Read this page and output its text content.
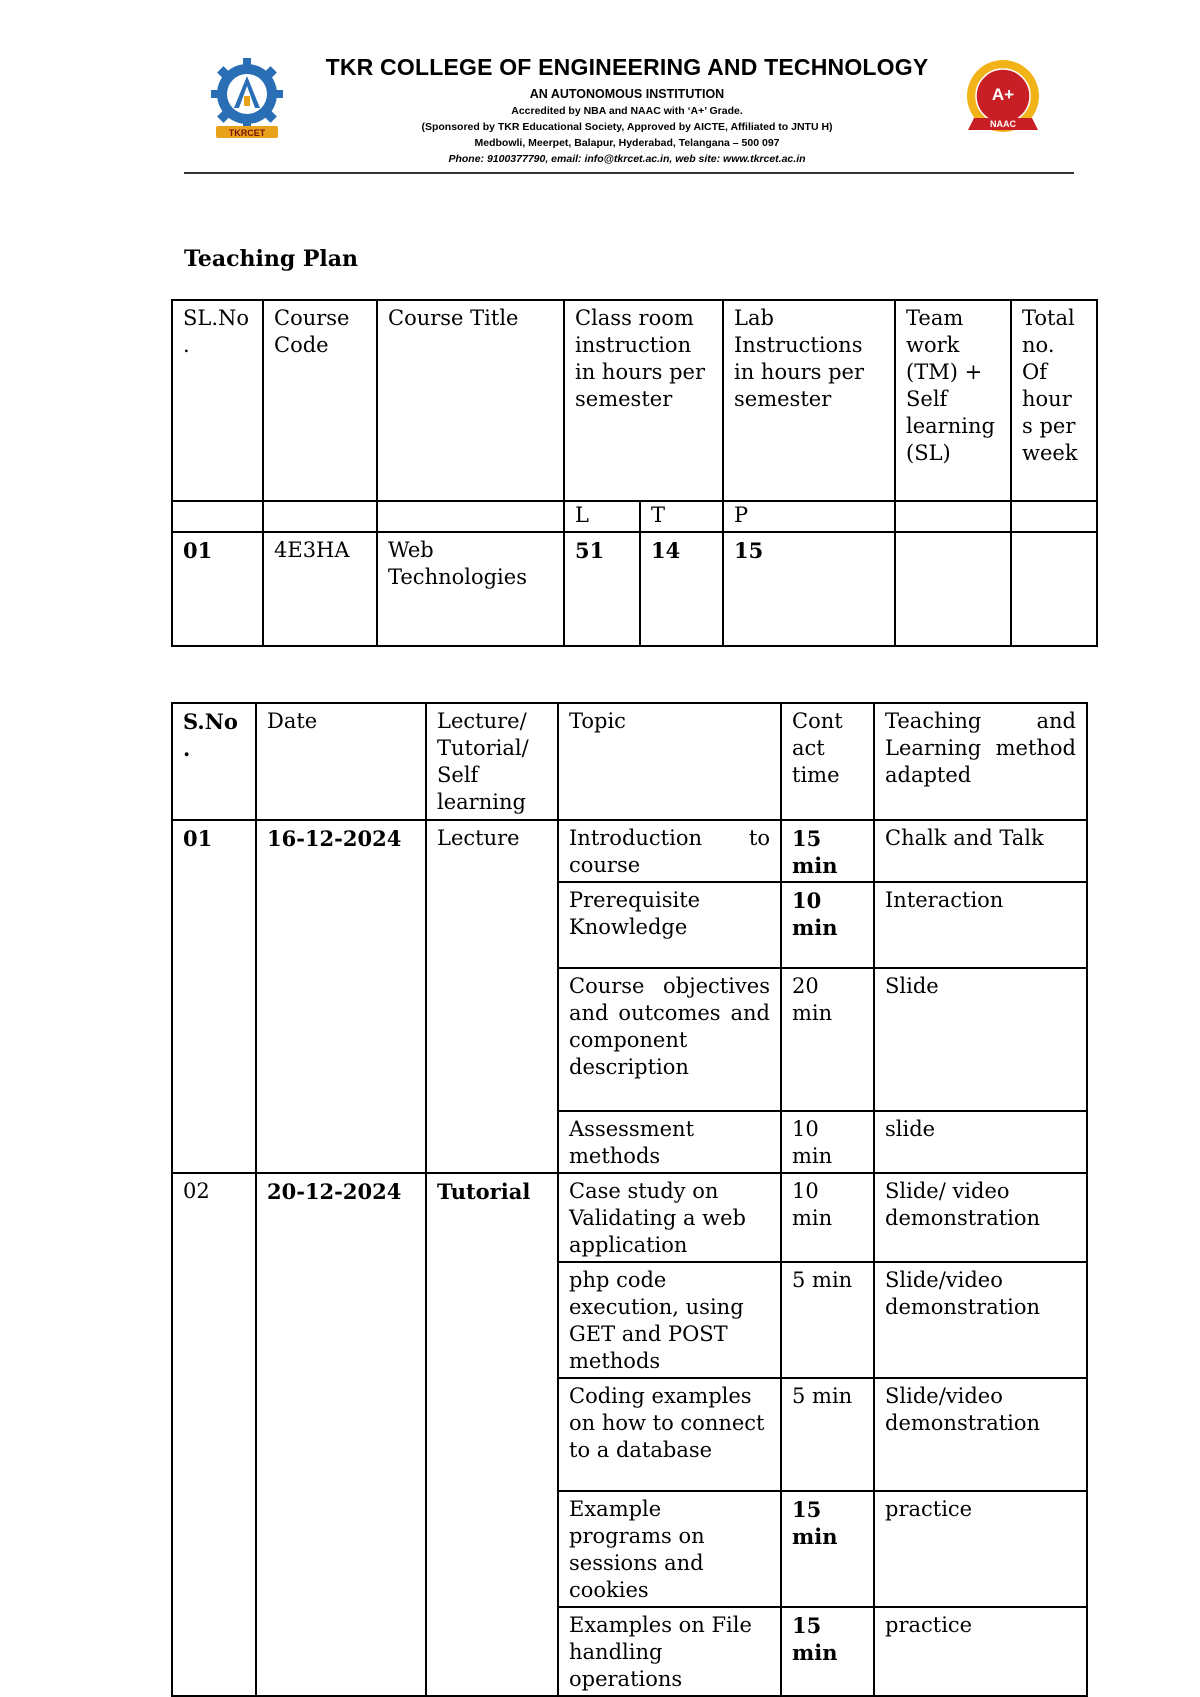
TKRCET
TKR COLLEGE OF ENGINEERING AND TECHNOLOGY
AN AUTONOMOUS INSTITUTION
Accredited by NBA and NAAC with ‘A+’ Grade.
(Sponsored by TKR Educational Society, Approved by AICTE, Affiliated to JNTU H)
Medbowli, Meerpet, Balapur, Hyderabad, Telangana – 500 097
Phone: 9100377790, email: info@tkrcet.ac.in, web site: www.tkrcet.ac.in
A+
NAAC
Teaching Plan
SL.No.	Course Code	Course Title	Class room instruction in hours per semester		Lab Instructions in hours per semester	Team work (TM) + Self learning (SL)	Total no. Of hour s per week
			L	T	P		
01	4E3HA	Web Technologies	51	14	15		
S.No .	Date	Lecture/ Tutorial/ Self learning	Topic	Cont act time	Teaching and Learning method adapted
01	16-12-2024	Lecture	Introduction to course	15 min	Chalk and Talk
			Prerequisite Knowledge	10 min	Interaction
			Course objectives and outcomes and component description	20 min	Slide
			Assessment methods	10 min	slide
02	20-12-2024	Tutorial	Case study on Validating a web application	10 min	Slide/ video demonstration
			php code execution, using GET and POST methods	5 min	Slide/video demonstration
			Coding examples on how to connect to a database	5 min	Slide/video demonstration
			Example programs on sessions and cookies	15 min	practice
			Examples on File handling operations	15 min	practice
